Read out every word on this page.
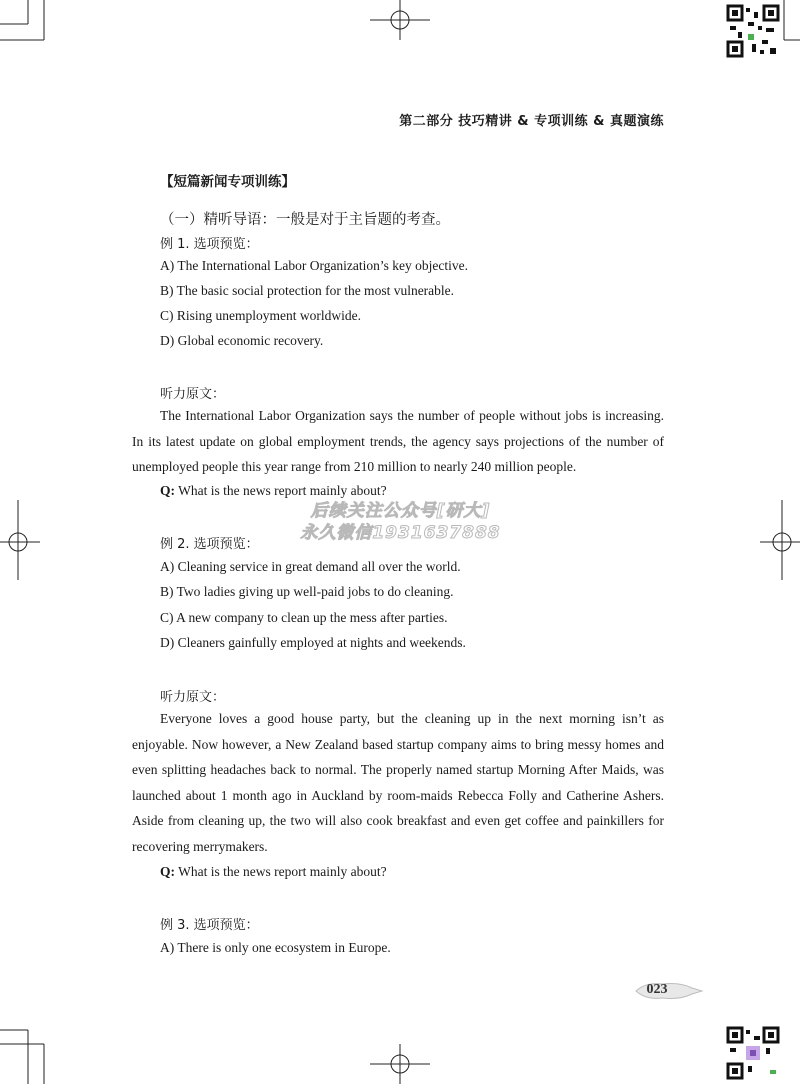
第二部分 技巧精讲 & 专项训练 & 真题演练
【短篇新闻专项训练】
（一）精听导语：一般是对于主旨题的考查。
例 1. 选项预览：
A) The International Labor Organization’s key objective.
B) The basic social protection for the most vulnerable.
C) Rising unemployment worldwide.
D) Global economic recovery.
听力原文：

The International Labor Organization says the number of people without jobs is increasing. In its latest update on global employment trends, the agency says projections of the number of unemployed people this year range from 210 million to nearly 240 million people.

Q: What is the news report mainly about?
后续关注公众号[研大]
永久微信1931637888
例 2. 选项预览：
A) Cleaning service in great demand all over the world.
B) Two ladies giving up well-paid jobs to do cleaning.
C) A new company to clean up the mess after parties.
D) Cleaners gainfully employed at nights and weekends.
听力原文：

Everyone loves a good house party, but the cleaning up in the next morning isn’t as enjoyable. Now however, a New Zealand based startup company aims to bring messy homes and even splitting headaches back to normal. The properly named startup Morning After Maids, was launched about 1 month ago in Auckland by room-maids Rebecca Folly and Catherine Ashers. Aside from cleaning up, the two will also cook breakfast and even get coffee and painkillers for recovering merrymakers.

Q: What is the news report mainly about?
例 3. 选项预览：
A) There is only one ecosystem in Europe.
023
